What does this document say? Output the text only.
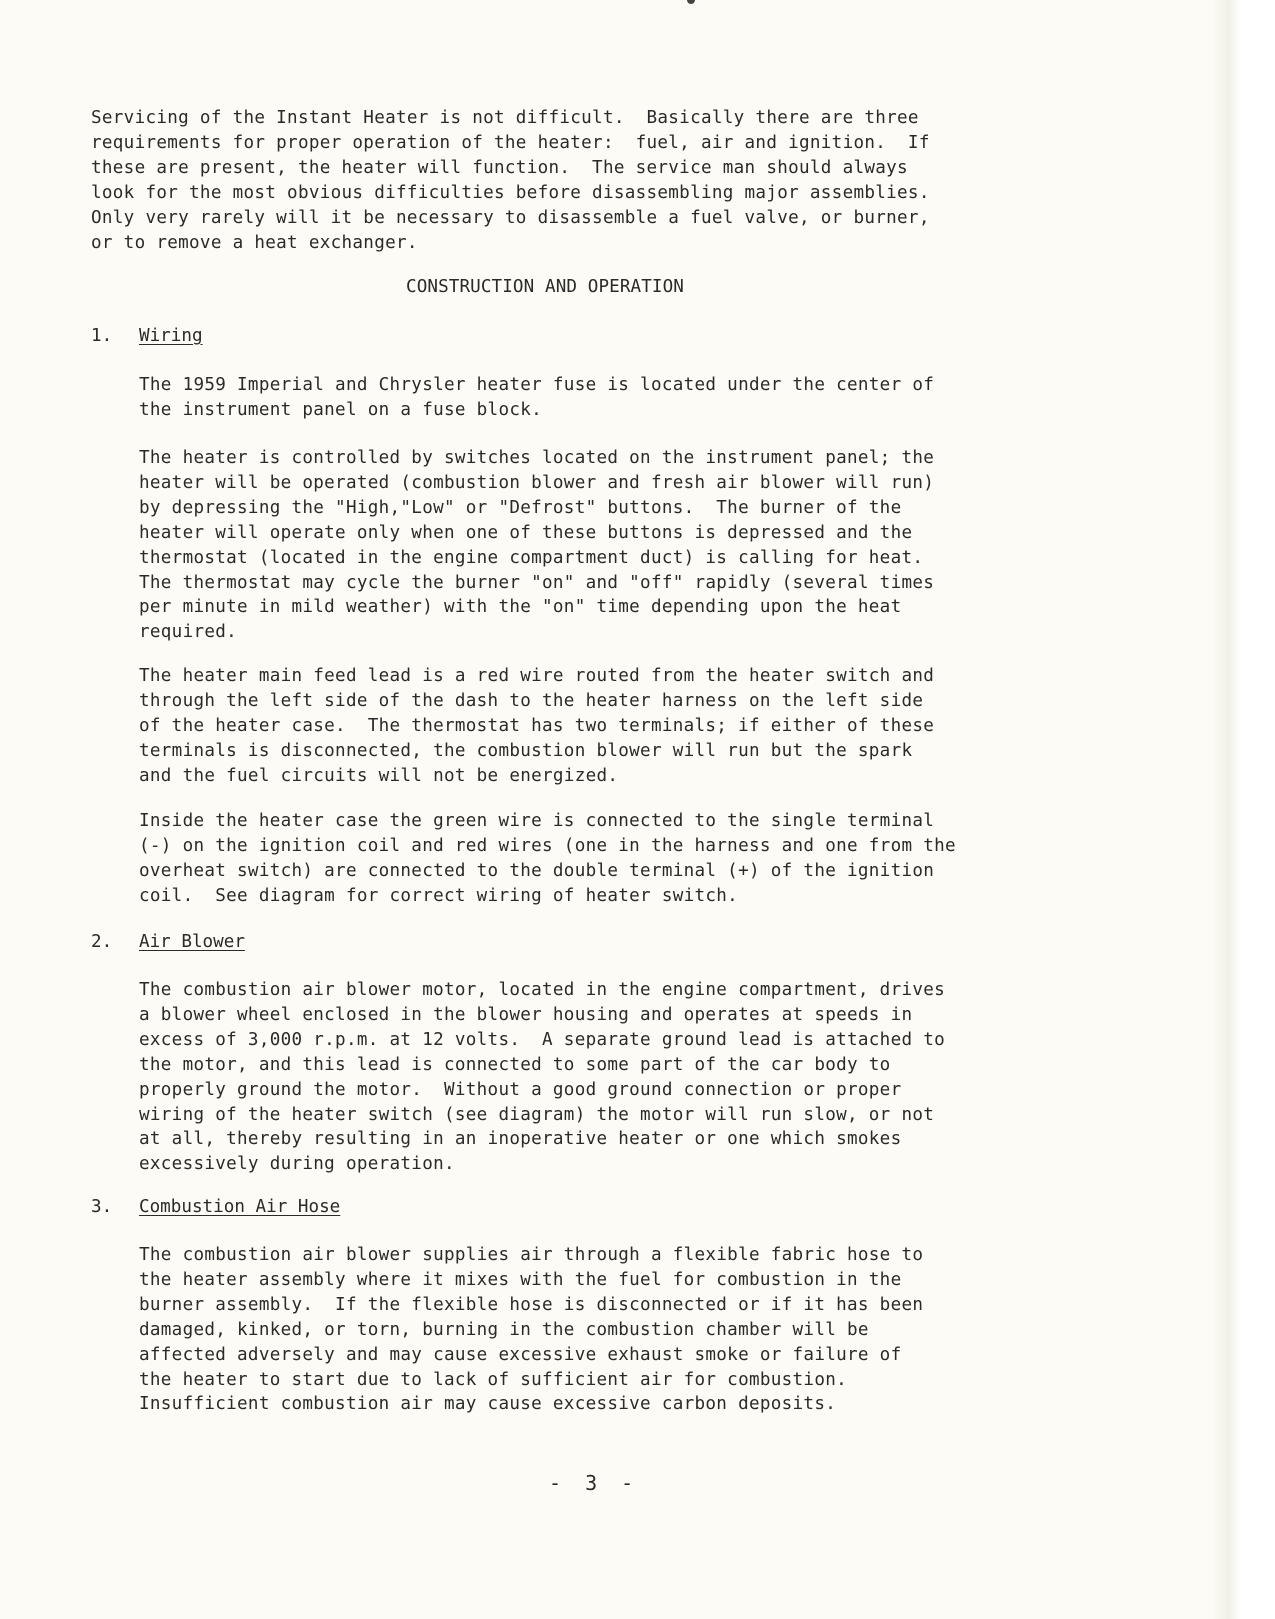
Servicing of the Instant Heater is not difficult.  Basically there are three
requirements for proper operation of the heater:  fuel, air and ignition.  If
these are present, the heater will function.  The service man should always
look for the most obvious difficulties before disassembling major assemblies.
Only very rarely will it be necessary to disassemble a fuel valve, or burner,
or to remove a heat exchanger.
CONSTRUCTION AND OPERATION
1. Wiring
The 1959 Imperial and Chrysler heater fuse is located under the center of
the instrument panel on a fuse block.
The heater is controlled by switches located on the instrument panel; the
heater will be operated (combustion blower and fresh air blower will run)
by depressing the "High,"Low" or "Defrost" buttons.  The burner of the
heater will operate only when one of these buttons is depressed and the
thermostat (located in the engine compartment duct) is calling for heat.
The thermostat may cycle the burner "on" and "off" rapidly (several times
per minute in mild weather) with the "on" time depending upon the heat
required.
The heater main feed lead is a red wire routed from the heater switch and
through the left side of the dash to the heater harness on the left side
of the heater case.  The thermostat has two terminals; if either of these
terminals is disconnected, the combustion blower will run but the spark
and the fuel circuits will not be energized.
Inside the heater case the green wire is connected to the single terminal
(-) on the ignition coil and red wires (one in the harness and one from the
overheat switch) are connected to the double terminal (+) of the ignition
coil.  See diagram for correct wiring of heater switch.
2. Air Blower
The combustion air blower motor, located in the engine compartment, drives
a blower wheel enclosed in the blower housing and operates at speeds in
excess of 3,000 r.p.m. at 12 volts.  A separate ground lead is attached to
the motor, and this lead is connected to some part of the car body to
properly ground the motor.  Without a good ground connection or proper
wiring of the heater switch (see diagram) the motor will run slow, or not
at all, thereby resulting in an inoperative heater or one which smokes
excessively during operation.
3. Combustion Air Hose
The combustion air blower supplies air through a flexible fabric hose to
the heater assembly where it mixes with the fuel for combustion in the
burner assembly.  If the flexible hose is disconnected or if it has been
damaged, kinked, or torn, burning in the combustion chamber will be
affected adversely and may cause excessive exhaust smoke or failure of
the heater to start due to lack of sufficient air for combustion.
Insufficient combustion air may cause excessive carbon deposits.
- 3 -
